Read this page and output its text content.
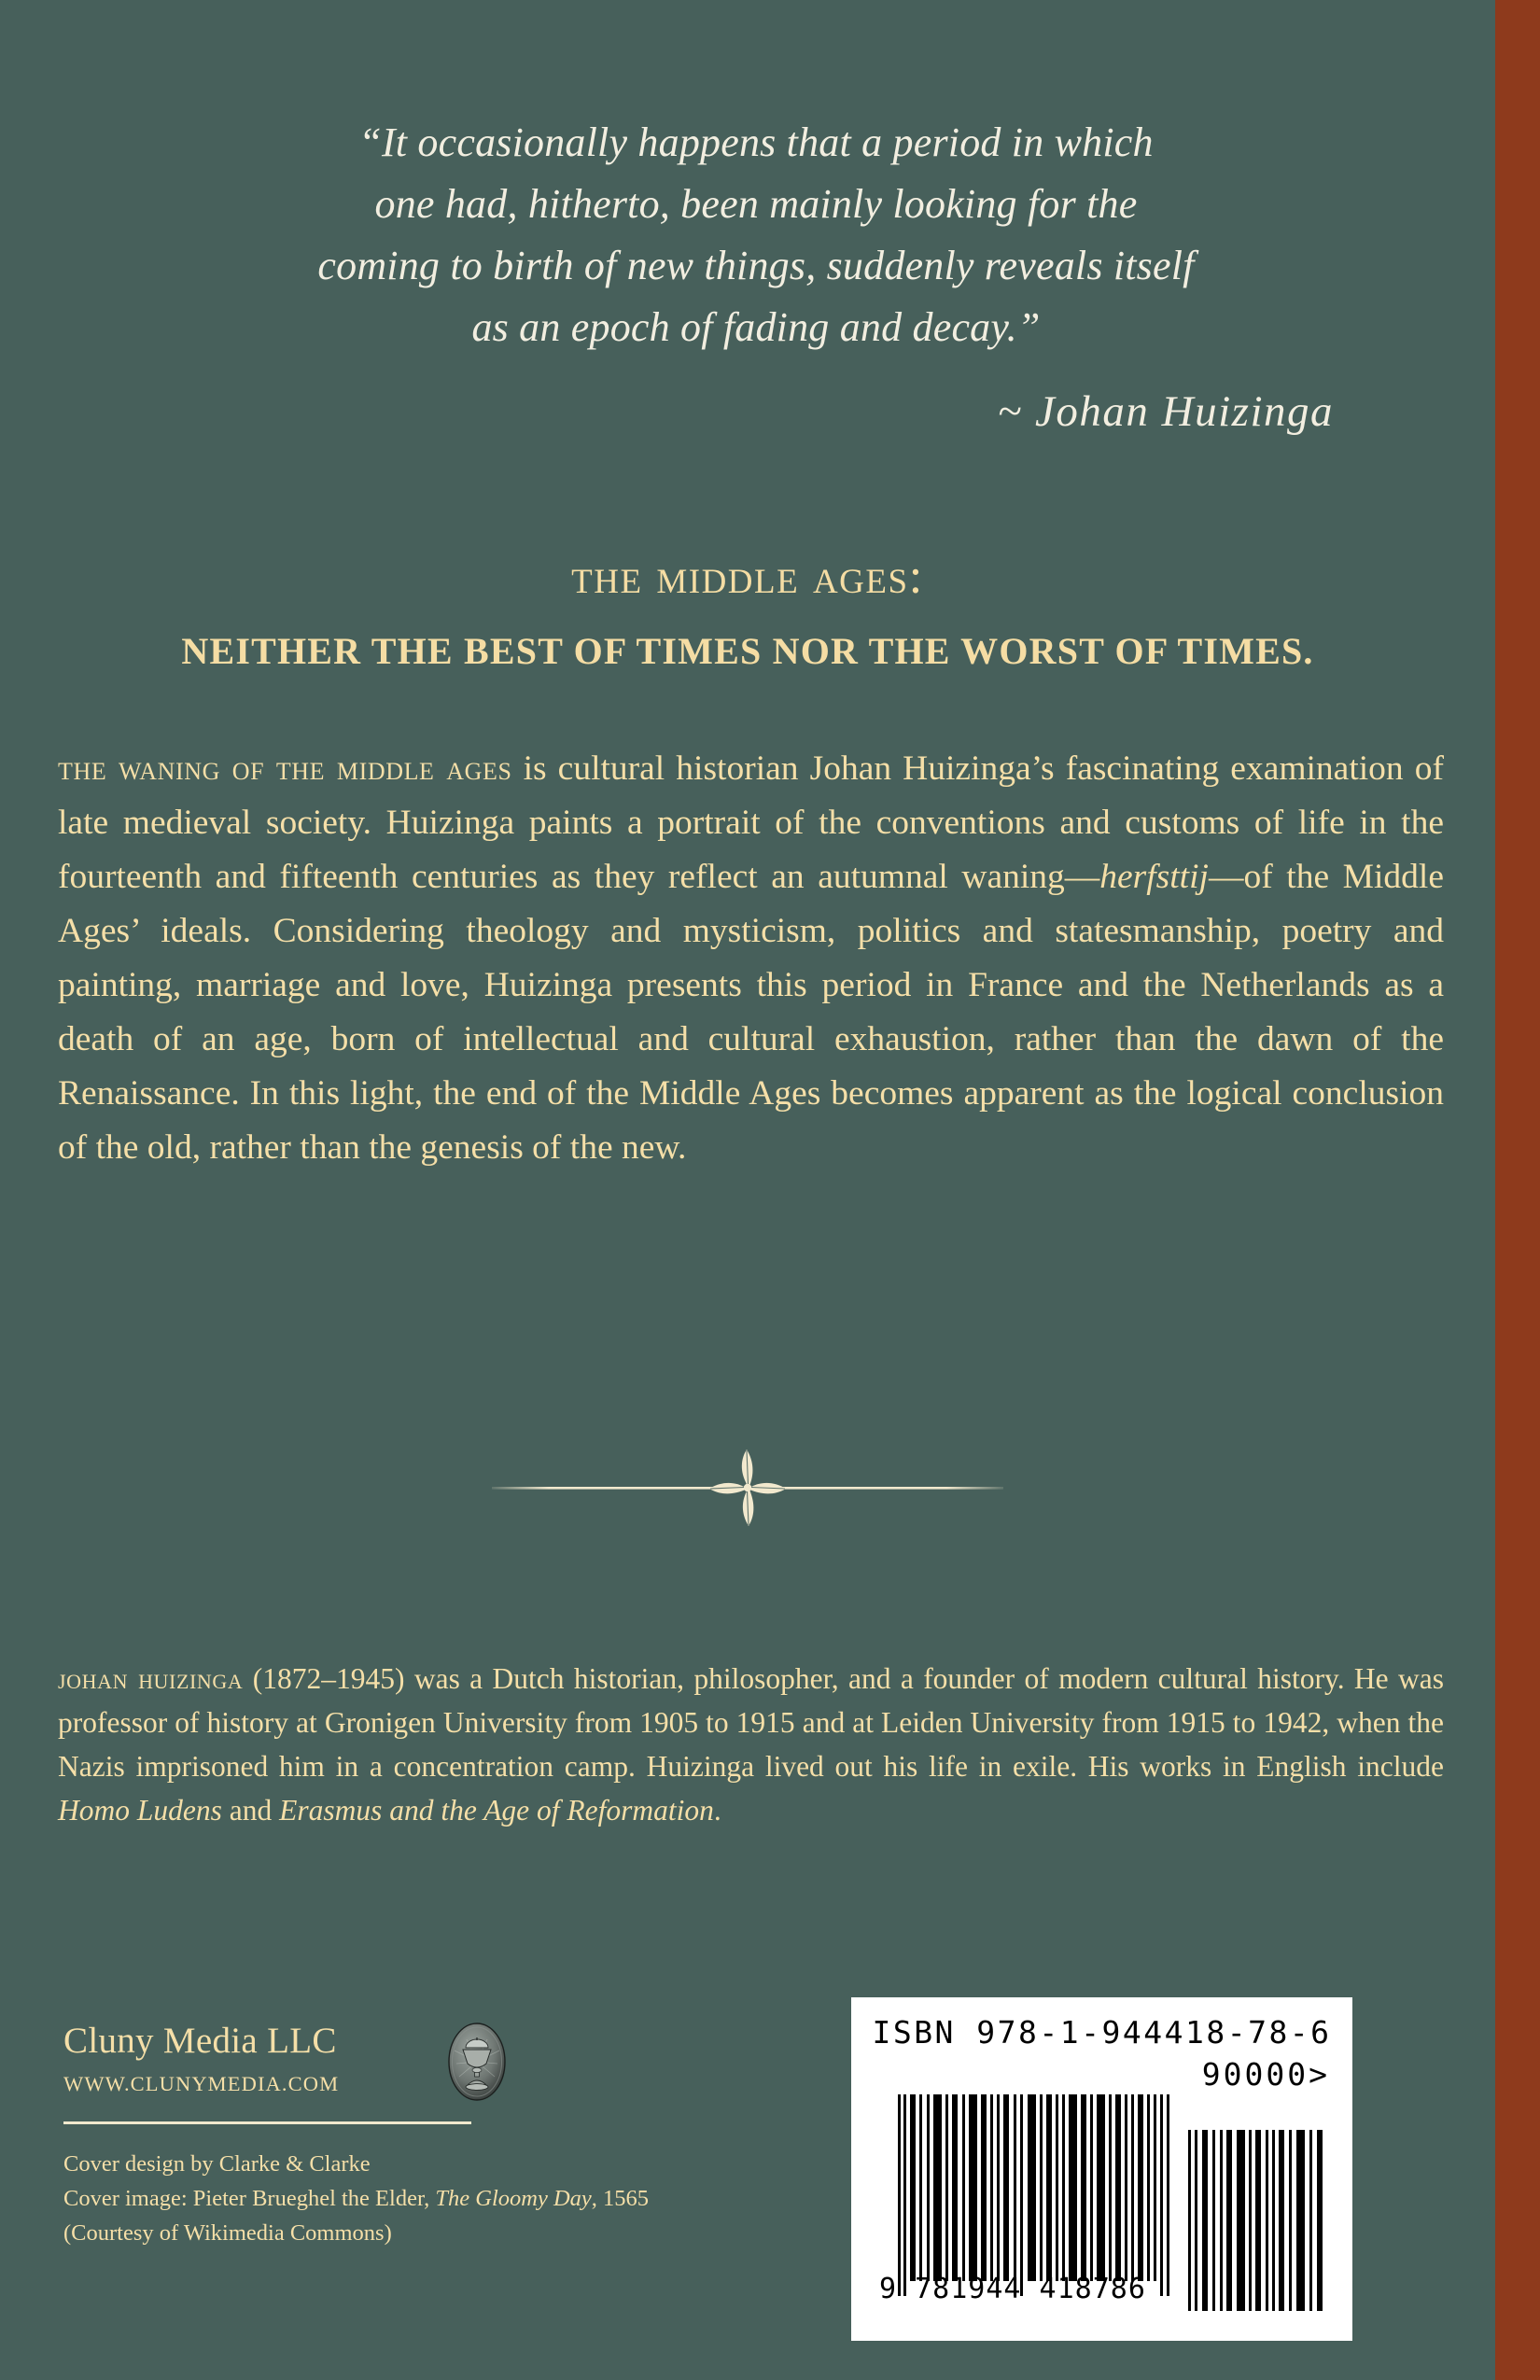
“It occasionally happens that a period in which
one had, hitherto, been mainly looking for the
coming to birth of new things, suddenly reveals itself
as an epoch of fading and decay.”
~ Johan Huizinga
the middle ages:
NEITHER THE BEST OF TIMES NOR THE WORST OF TIMES.

the waning of the middle ages is cultural historian Johan Huizinga’s fascinating examination of late medieval society. Huizinga paints a portrait of the conventions and customs of life in the fourteenth and fifteenth centuries as they reflect an autumnal waning—herfsttij—of the Middle Ages’ ideals. Considering theology and mysticism, politics and statesmanship, poetry and painting, marriage and love, Huizinga presents this period in France and the Netherlands as a death of an age, born of intellectual and cultural exhaustion, rather than the dawn of the Renaissance. In this light, the end of the Middle Ages becomes apparent as the logical conclusion of the old, rather than the genesis of the new.

johan huizinga (1872–1945) was a Dutch historian, philosopher, and a founder of modern cultural history. He was professor of history at Gronigen University from 1905 to 1915 and at Leiden University from 1915 to 1942, when the Nazis imprisoned him in a concentration camp. Huizinga lived out his life in exile. His works in English include Homo Ludens and Erasmus and the Age of Reformation.

Cluny Media LLC
WWW.CLUNYMEDIA.COM
Cover design by Clarke & Clarke
Cover image: Pieter Brueghel the Elder, The Gloomy Day, 1565
(Courtesy of Wikimedia Commons)
ISBN 978-1-944418-78-6
90000>
9 781944 418786
